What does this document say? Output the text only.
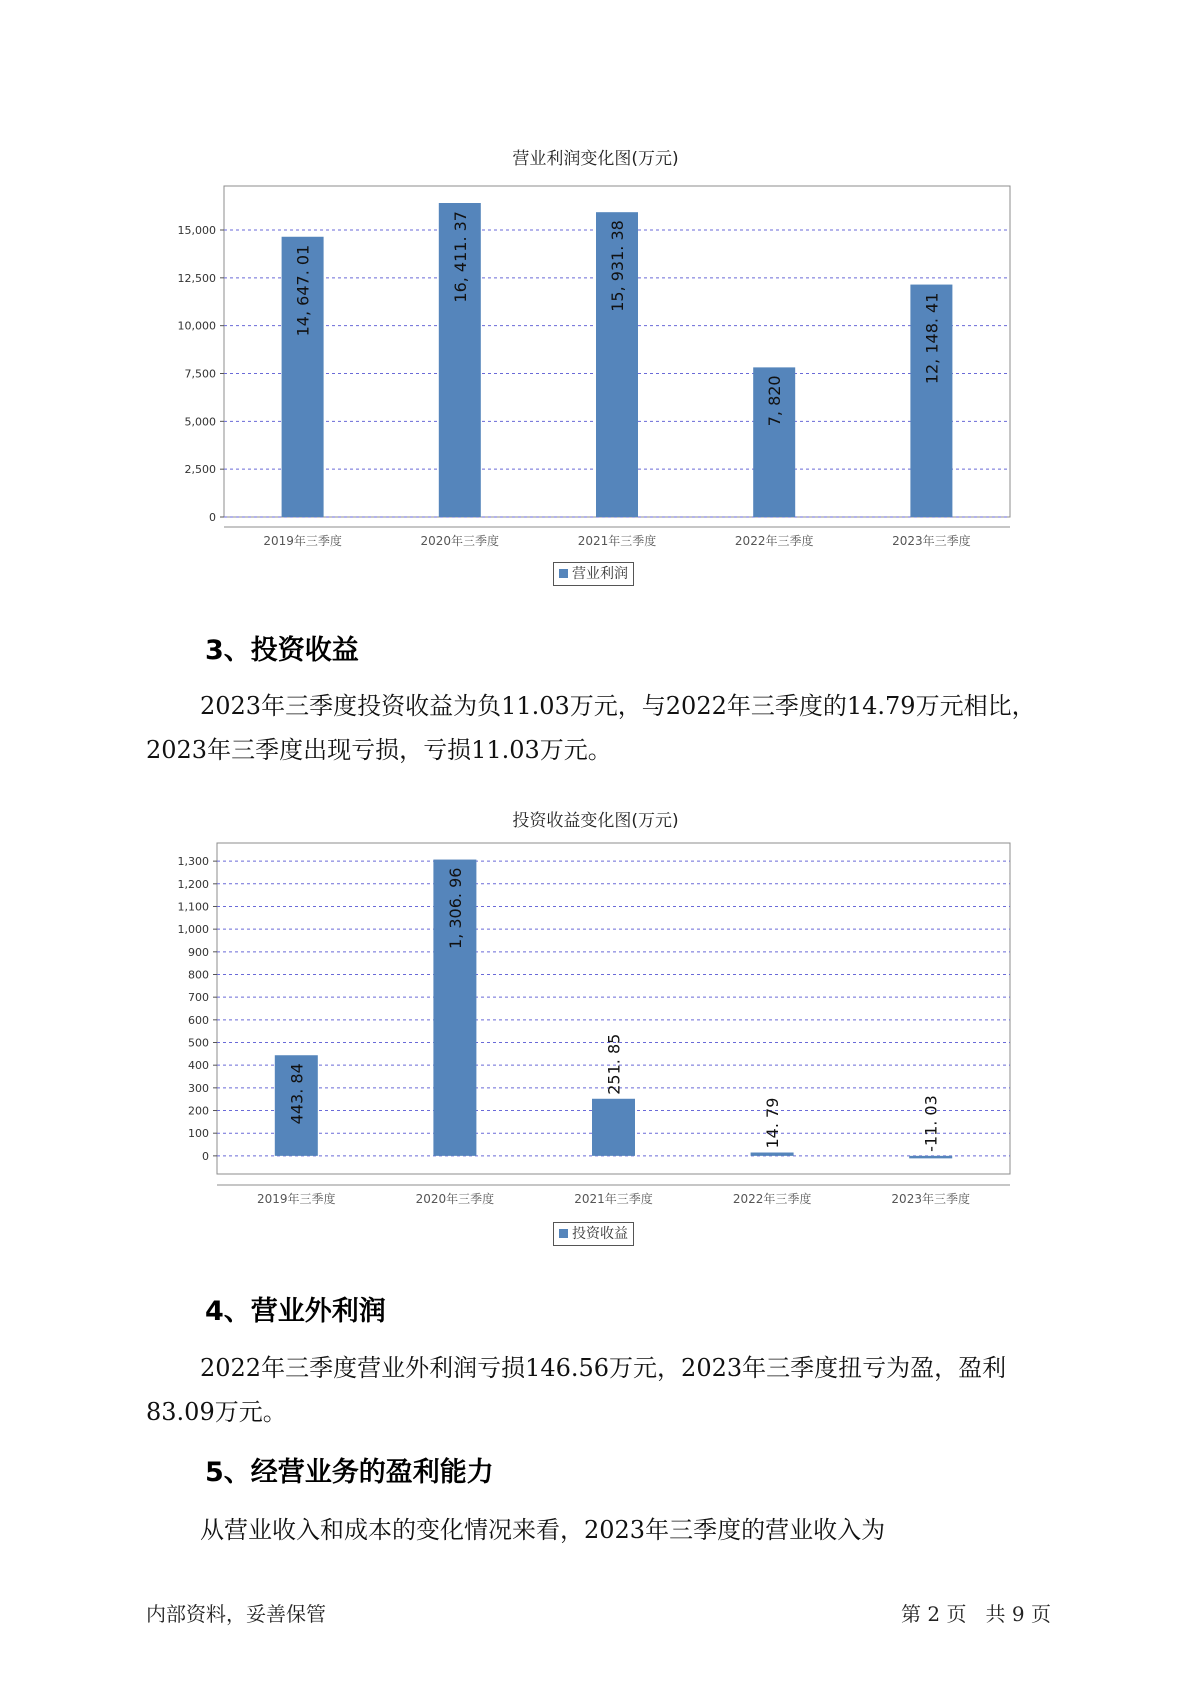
营业利润变化图(万元)
0
2,500
5,000
7,500
10,000
12,500
15,000
14, 647. 01
2019年三季度
16, 411. 37
2020年三季度
15, 931. 38
2021年三季度
7, 820
2022年三季度
12, 148. 41
2023年三季度
营业利润
3、投资收益

2023年三季度投资收益为负11.03万元，与2022年三季度的14.79万元相比，2023年三季度出现亏损，亏损11.03万元。

投资收益变化图(万元)
0
100
200
300
400
500
600
700
800
900
1,000
1,100
1,200
1,300
443. 84
2019年三季度
1, 306. 96
2020年三季度
251. 85
2021年三季度
14. 79
2022年三季度
-11. 03
2023年三季度
投资收益
4、营业外利润

2022年三季度营业外利润亏损146.56万元，2023年三季度扭亏为盈，盈利83.09万元。

5、经营业务的盈利能力

从营业收入和成本的变化情况来看，2023年三季度的营业收入为

内部资料，妥善保管	第 2 页   共 9 页
